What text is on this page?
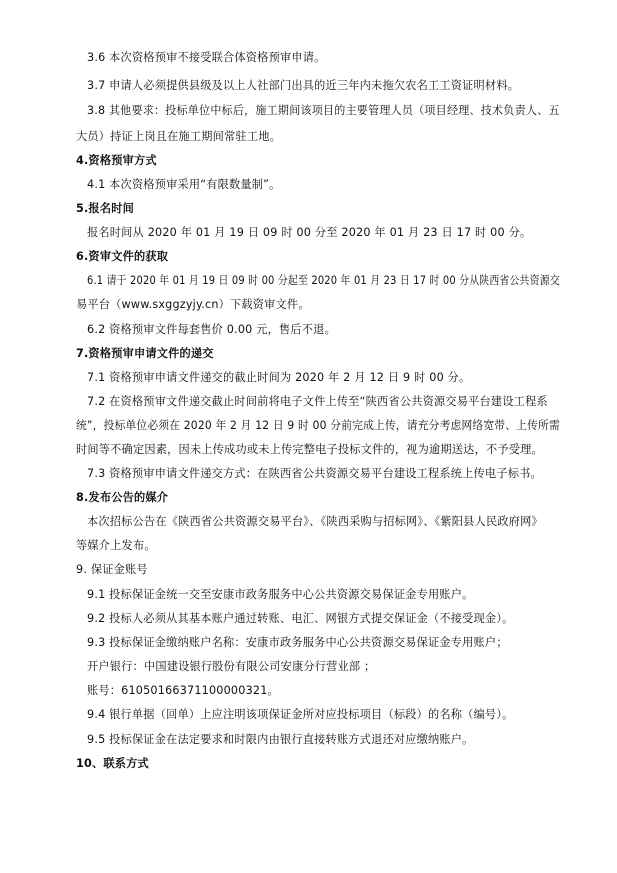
3.6 本次资格预审不接受联合体资格预审申请。
3.7 申请人必须提供县级及以上人社部门出具的近三年内未拖欠农名工工资证明材料。
3.8 其他要求：投标单位中标后，施工期间该项目的主要管理人员（项目经理、技术负责人、五
大员）持证上岗且在施工期间常驻工地。
4.资格预审方式
4.1 本次资格预审采用“有限数量制”。
5.报名时间
报名时间从 2020 年 01 月 19 日 09 时 00 分至 2020 年 01 月 23 日 17 时 00 分。
6.资审文件的获取
6.1 请于 2020 年 01 月 19 日 09 时 00 分起至 2020 年 01 月 23 日 17 时 00 分从陕西省公共资源交
易平台（www.sxggzyjy.cn）下载资审文件。
6.2 资格预审文件每套售价 0.00 元，售后不退。
7.资格预审申请文件的递交
7.1 资格预审申请文件递交的截止时间为 2020 年 2 月 12 日 9 时 00 分。
7.2 在资格预审文件递交截止时间前将电子文件上传至“陕西省公共资源交易平台建设工程系
统”，投标单位必须在 2020 年 2 月 12 日 9 时 00 分前完成上传，请充分考虑网络宽带、上传所需
时间等不确定因素，因未上传成功或未上传完整电子投标文件的，视为逾期送达，不予受理。
7.3 资格预审申请文件递交方式：在陕西省公共资源交易平台建设工程系统上传电子标书。
8.发布公告的媒介
本次招标公告在《陕西省公共资源交易平台》、《陕西采购与招标网》、《紫阳县人民政府网》
等媒介上发布。
9. 保证金账号
9.1 投标保证金统一交至安康市政务服务中心公共资源交易保证金专用账户。
9.2 投标人必须从其基本账户通过转账、电汇、网银方式提交保证金（不接受现金）。
9.3 投标保证金缴纳账户名称：安康市政务服务中心公共资源交易保证金专用账户；
开户银行：中国建设银行股份有限公司安康分行营业部 ；
账号：61050166371100000321。
9.4 银行单据（回单）上应注明该项保证金所对应投标项目（标段）的名称（编号）。
9.5 投标保证金在法定要求和时限内由银行直接转账方式退还对应缴纳账户。
10、联系方式
